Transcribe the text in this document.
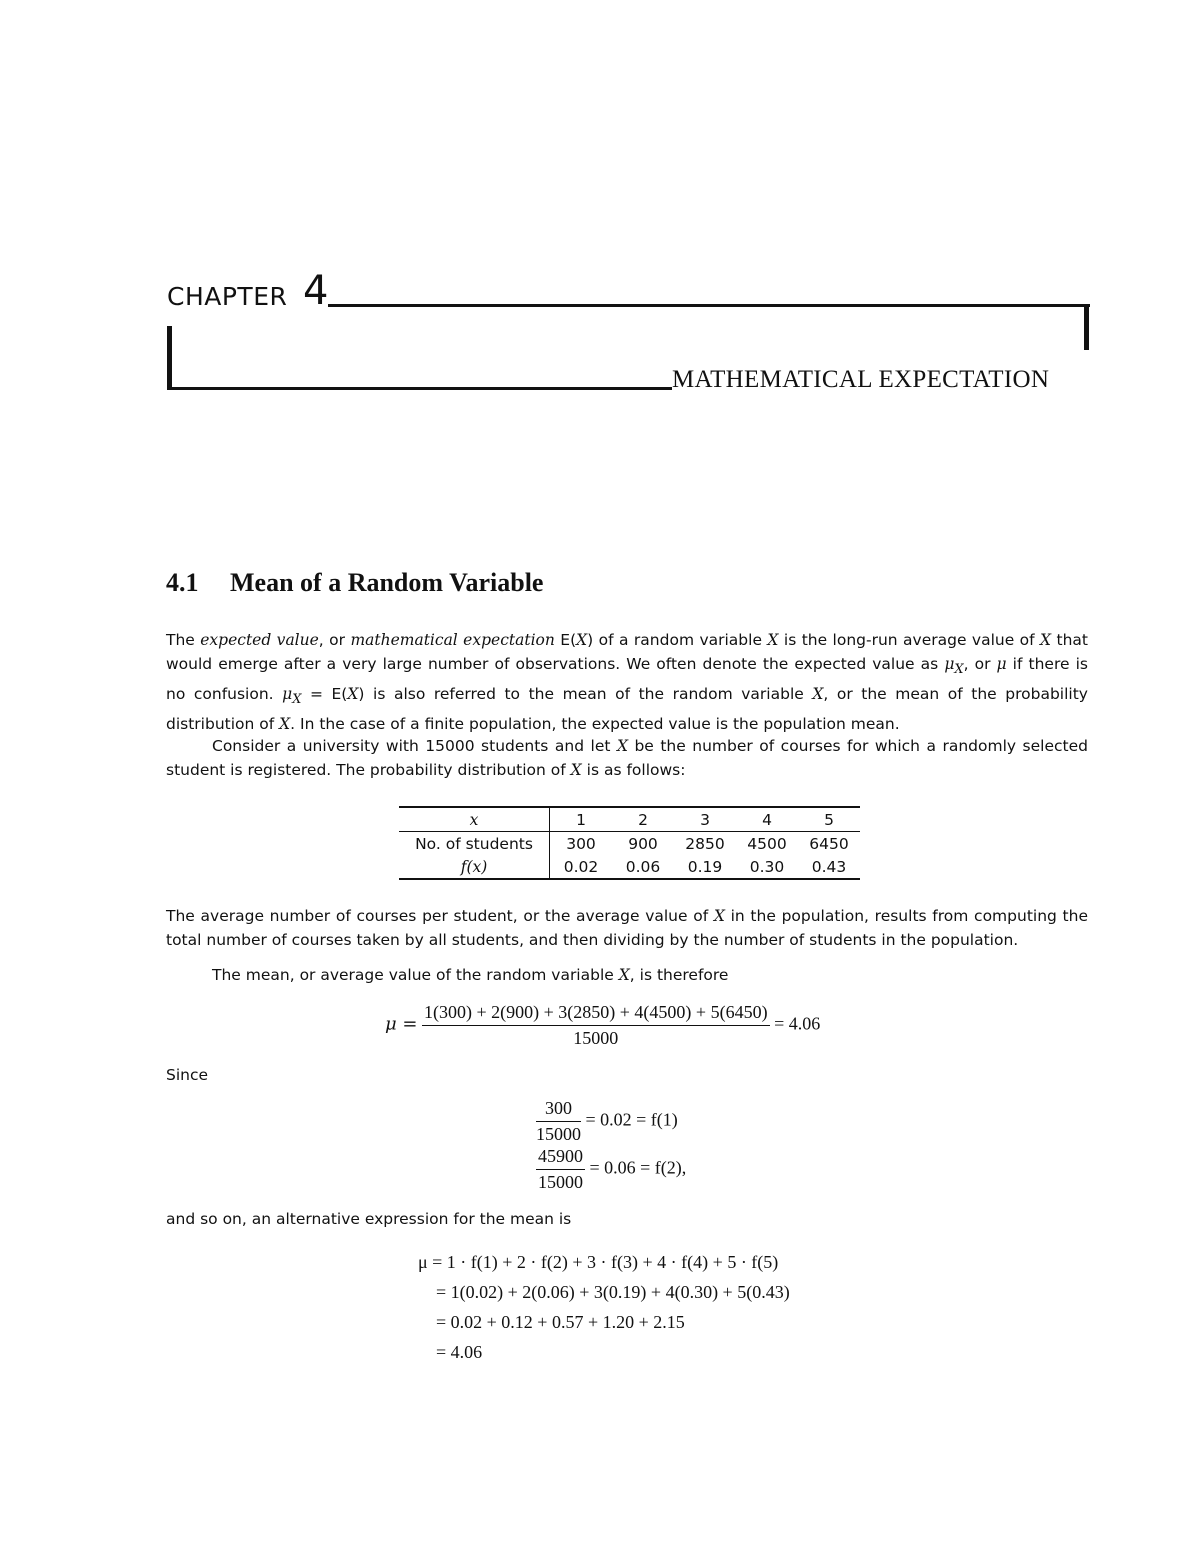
CHAPTER 4
MATHEMATICAL EXPECTATION
4.1 Mean of a Random Variable
The expected value, or mathematical expectation E(X) of a random variable X is the long-run average value of X that would emerge after a very large number of observations. We often denote the expected value as $\mu_X$, or μ if there is no confusion. $\mu_X = E(X)$ is also referred to the mean of the random variable X, or the mean of the probability distribution of X. In the case of a finite population, the expected value is the population mean.
Consider a university with 15000 students and let X be the number of courses for which a randomly selected student is registered. The probability distribution of X is as follows:
x	1	2	3	4	5
No. of students	300	900	2850	4500	6450
f(x)	0.02	0.06	0.19	0.30	0.43
The average number of courses per student, or the average value of X in the population, results from computing the total number of courses taken by all students, and then dividing by the number of students in the population.
The mean, or average value of the random variable X, is therefore
$\mu = \frac{1(300) + 2(900) + 3(2850) + 4(4500) + 5(6450)}{15000} = 4.06$
Since
$\frac{300}{15000} = 0.02 = f(1)$
$\frac{45900}{15000} = 0.06 = f(2)$,
and so on, an alternative expression for the mean is
μ = 1 · f(1) + 2 · f(2) + 3 · f(3) + 4 · f(4) + 5 · f(5)
= 1(0.02) + 2(0.06) + 3(0.19) + 4(0.30) + 5(0.43)
= 0.02 + 0.12 + 0.57 + 1.20 + 2.15
= 4.06
